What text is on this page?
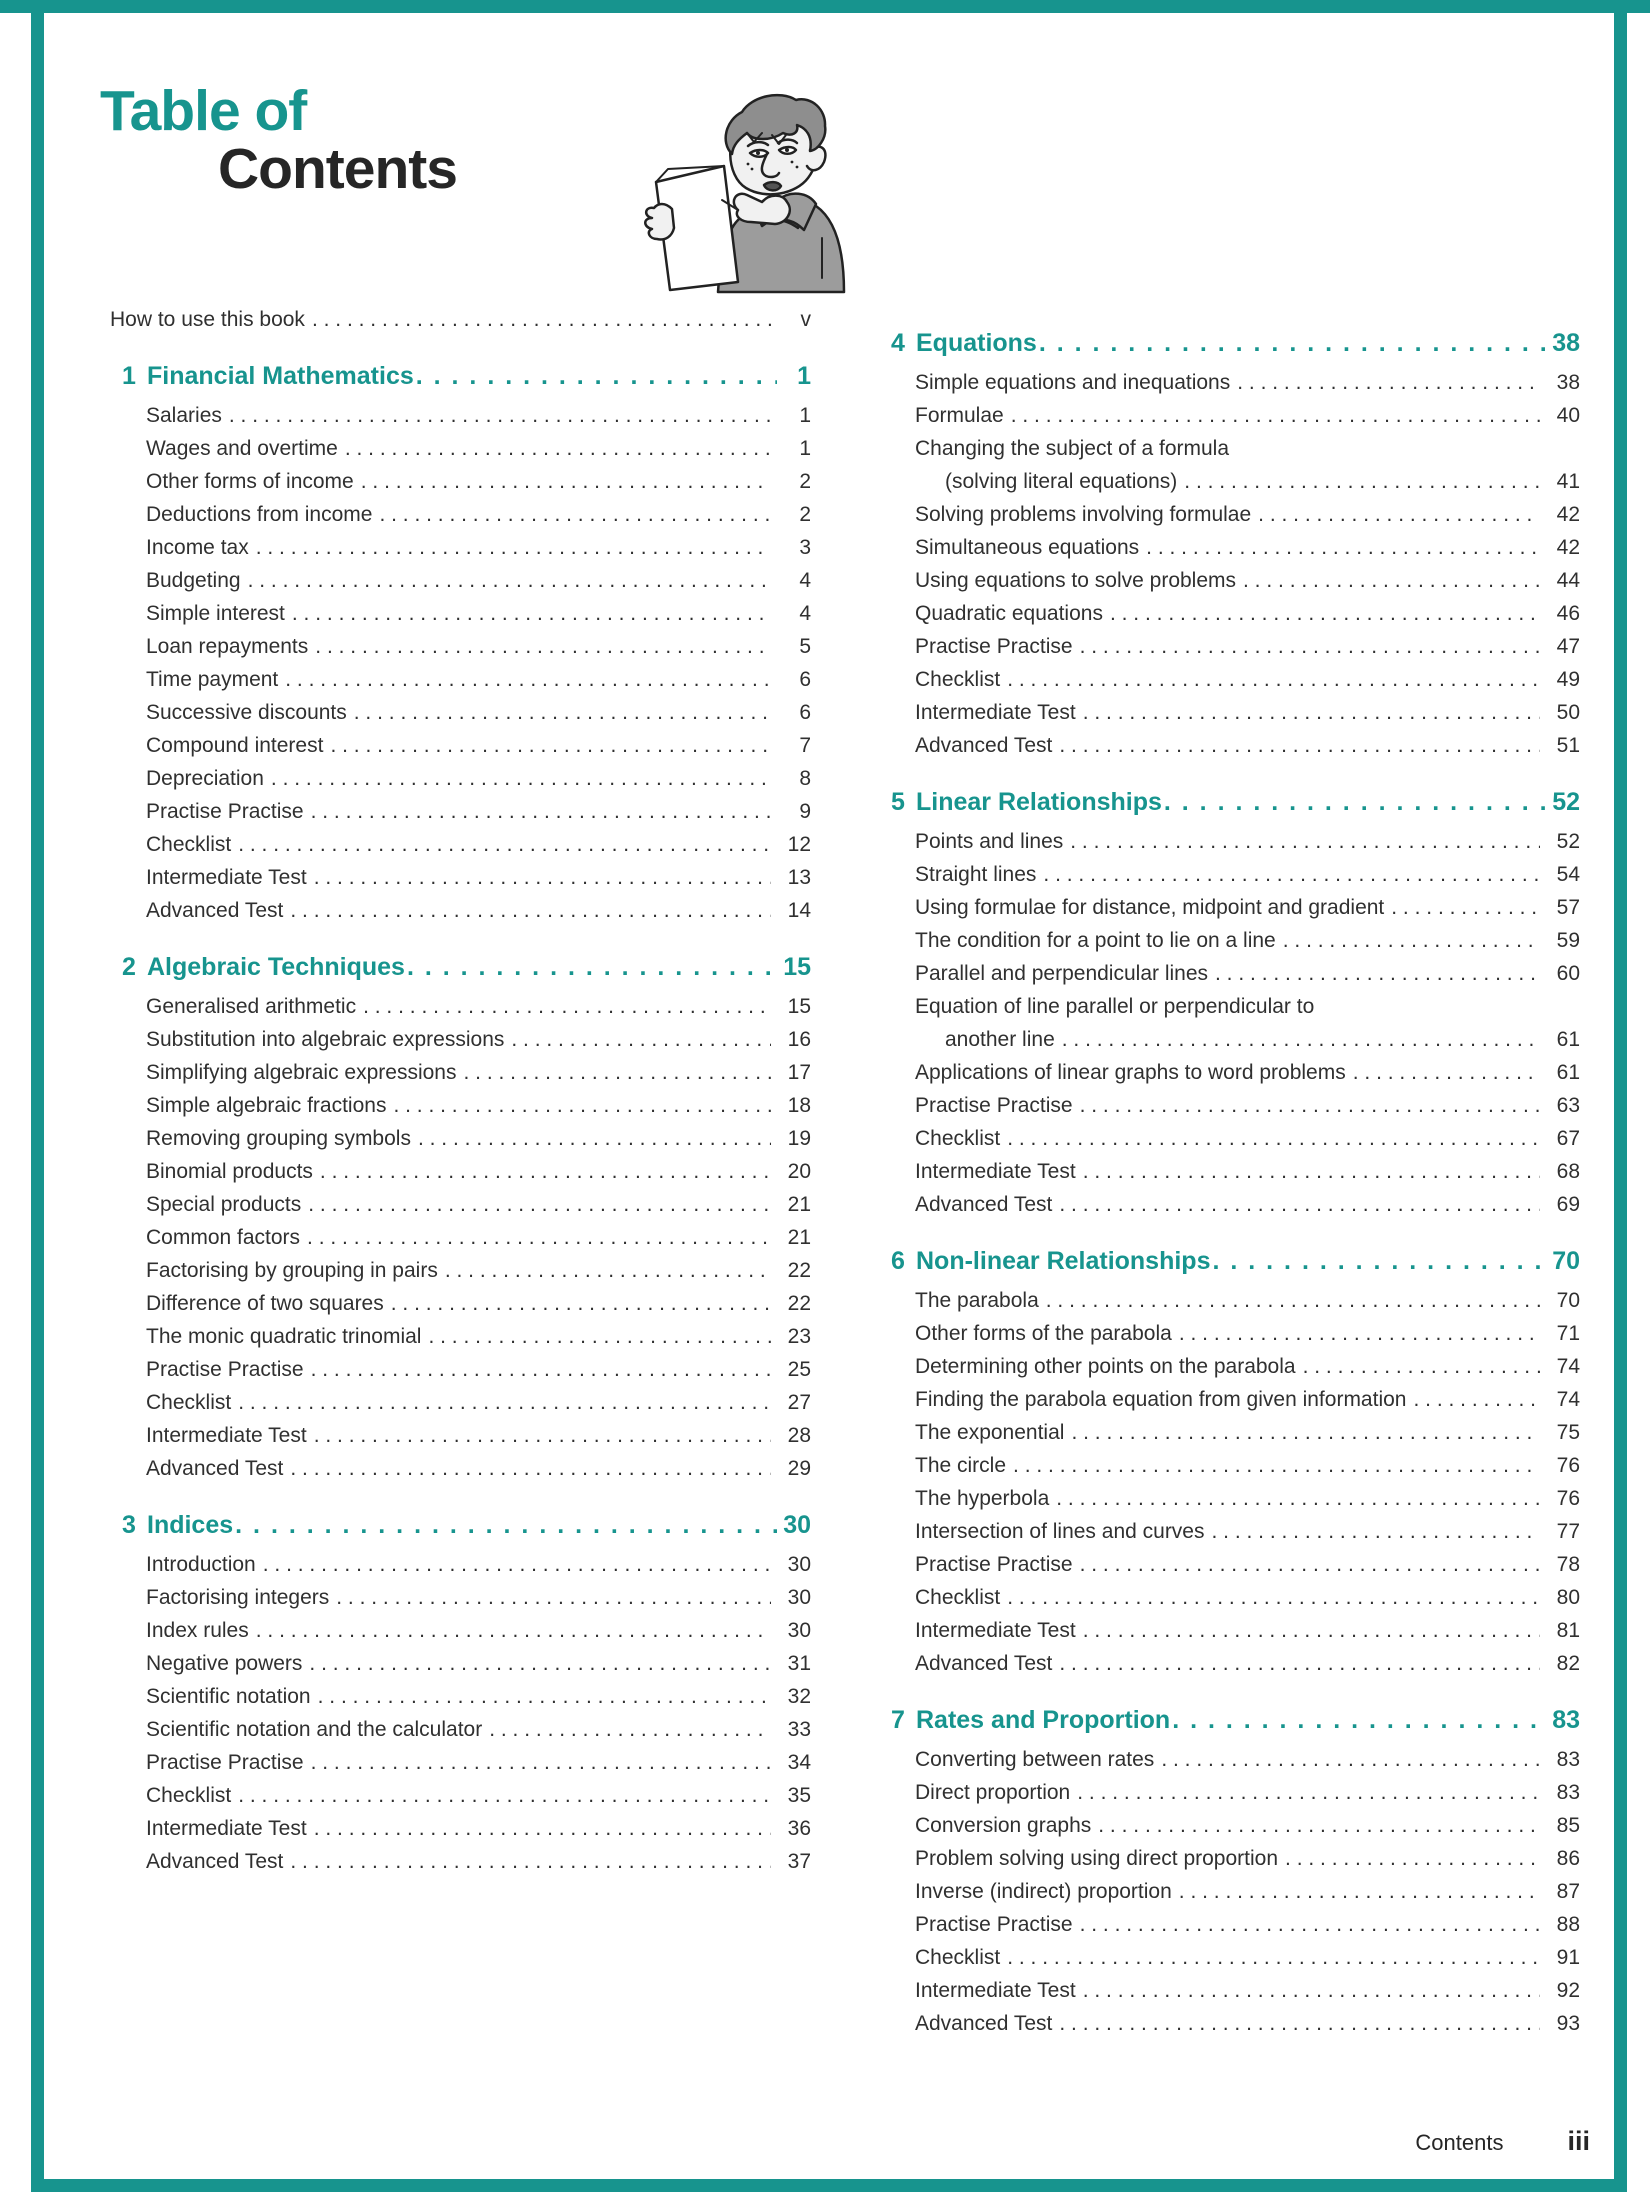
Table of
Contents
How to use this book . . .	v
1 Financial Mathematics . . .	1
Salaries . . .	1
Wages and overtime . . .	1
Other forms of income . . .	2
Deductions from income . . .	2
Income tax . . .	3
Budgeting . . .	4
Simple interest . . .	4
Loan repayments . . .	5
Time payment . . .	6
Successive discounts . . .	6
Compound interest . . .	7
Depreciation . . .	8
Practise Practise . . .	9
Checklist . . .	12
Intermediate Test . . .	13
Advanced Test . . .	14
2 Algebraic Techniques . . .	15
Generalised arithmetic . . .	15
Substitution into algebraic expressions . . .	16
Simplifying algebraic expressions . . .	17
Simple algebraic fractions . . .	18
Removing grouping symbols . . .	19
Binomial products . . .	20
Special products . . .	21
Common factors . . .	21
Factorising by grouping in pairs . . .	22
Difference of two squares . . .	22
The monic quadratic trinomial . . .	23
Practise Practise . . .	25
Checklist . . .	27
Intermediate Test . . .	28
Advanced Test . . .	29
3 Indices . . .	30
Introduction . . .	30
Factorising integers . . .	30
Index rules . . .	30
Negative powers . . .	31
Scientific notation . . .	32
Scientific notation and the calculator . . .	33
Practise Practise . . .	34
Checklist . . .	35
Intermediate Test . . .	36
Advanced Test . . .	37
4 Equations . . .	38
Simple equations and inequations . . .	38
Formulae . . .	40
Changing the subject of a formula
(solving literal equations) . . .	41
Solving problems involving formulae . . .	42
Simultaneous equations . . .	42
Using equations to solve problems . . .	44
Quadratic equations . . .	46
Practise Practise . . .	47
Checklist . . .	49
Intermediate Test . . .	50
Advanced Test . . .	51
5 Linear Relationships . . .	52
Points and lines . . .	52
Straight lines . . .	54
Using formulae for distance, midpoint and gradient . . .	57
The condition for a point to lie on a line . . .	59
Parallel and perpendicular lines . . .	60
Equation of line parallel or perpendicular to
another line . . .	61
Applications of linear graphs to word problems . . .	61
Practise Practise . . .	63
Checklist . . .	67
Intermediate Test . . .	68
Advanced Test . . .	69
6 Non-linear Relationships . . .	70
The parabola . . .	70
Other forms of the parabola . . .	71
Determining other points on the parabola . . .	74
Finding the parabola equation from given information . . .	74
The exponential . . .	75
The circle . . .	76
The hyperbola . . .	76
Intersection of lines and curves . . .	77
Practise Practise . . .	78
Checklist . . .	80
Intermediate Test . . .	81
Advanced Test . . .	82
7 Rates and Proportion . . .	83
Converting between rates . . .	83
Direct proportion . . .	83
Conversion graphs . . .	85
Problem solving using direct proportion . . .	86
Inverse (indirect) proportion . . .	87
Practise Practise . . .	88
Checklist . . .	91
Intermediate Test . . .	92
Advanced Test . . .	93
Contents iii
